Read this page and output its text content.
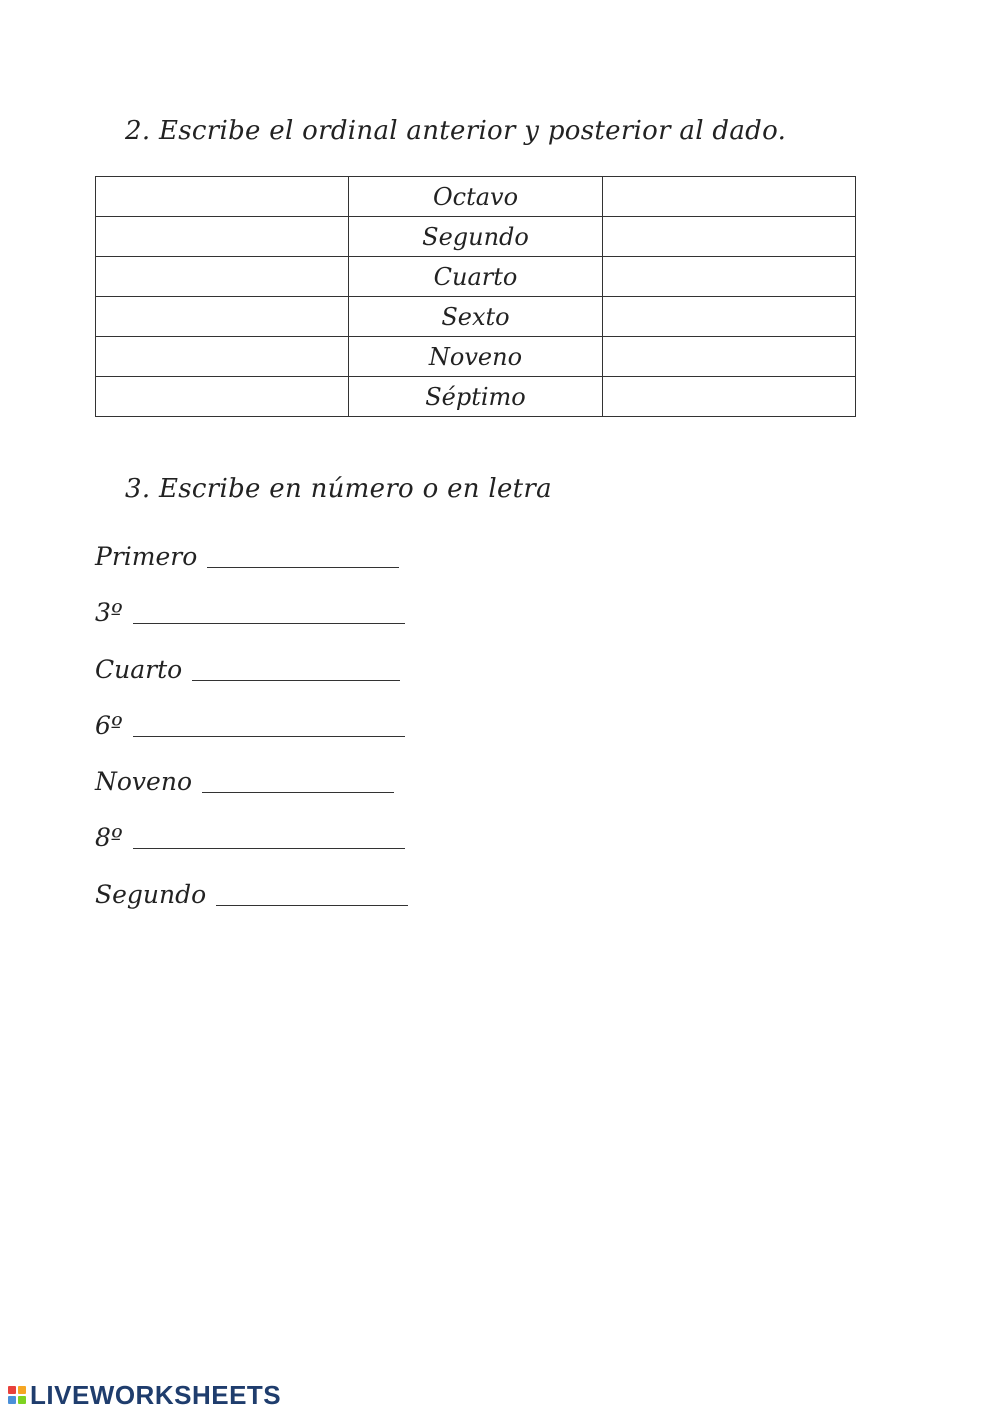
2. Escribe el ordinal anterior y posterior al dado.
	Octavo	
	Segundo	
	Cuarto	
	Sexto	
	Noveno	
	Séptimo	
3. Escribe en número o en letra
Primero
3º
Cuarto
6º
Noveno
8º
Segundo
LIVEWORKSHEETS
